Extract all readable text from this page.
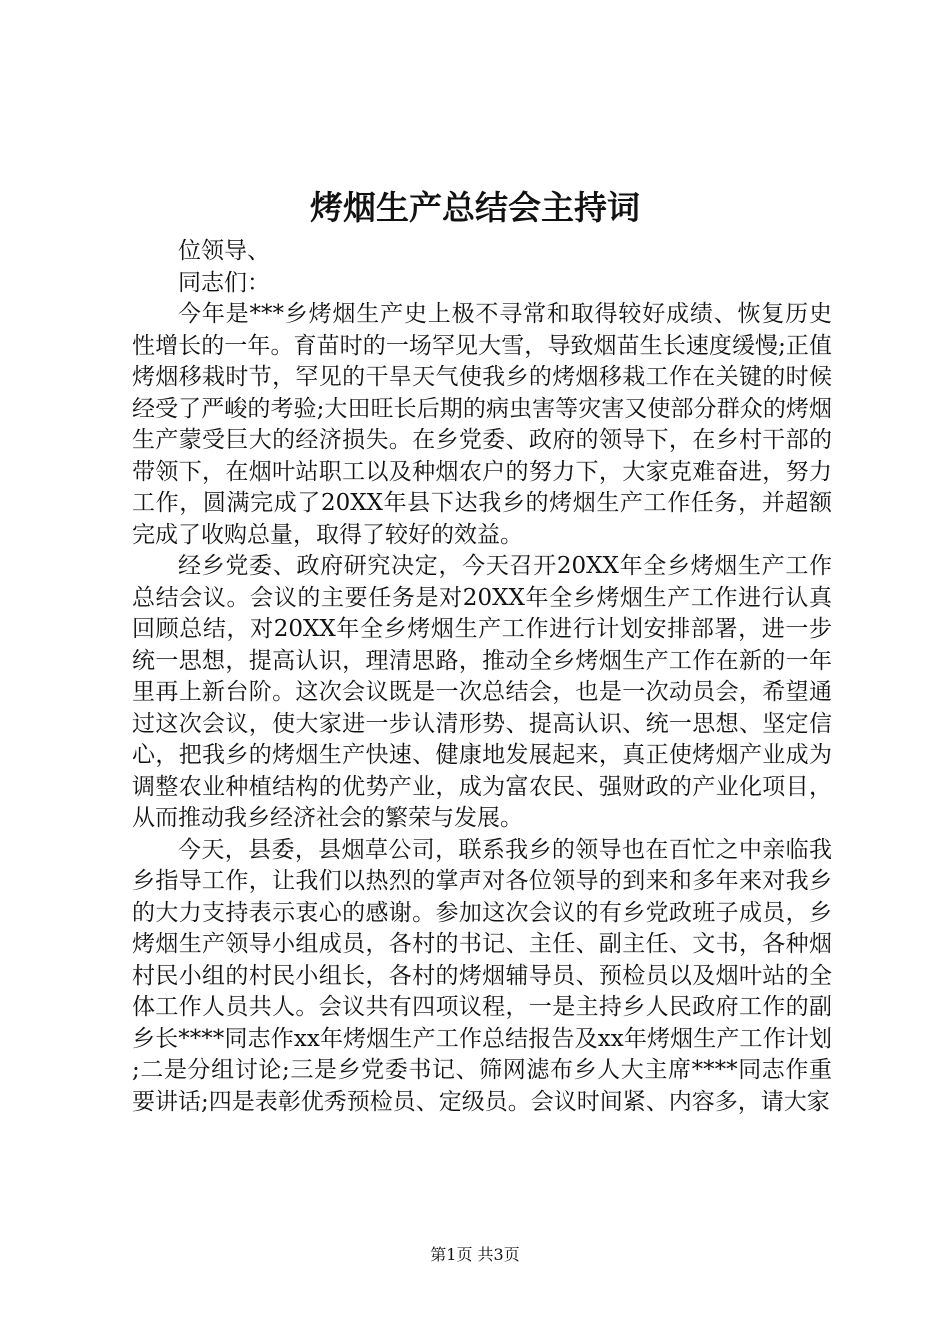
烤烟生产总结会主持词

位领导、

同志们：

今年是***乡烤烟生产史上极不寻常和取得较好成绩、恢复历史性增长的一年。育苗时的一场罕见大雪，导致烟苗生长速度缓慢;正值烤烟移栽时节，罕见的干旱天气使我乡的烤烟移栽工作在关键的时候经受了严峻的考验;大田旺长后期的病虫害等灾害又使部分群众的烤烟生产蒙受巨大的经济损失。在乡党委、政府的领导下，在乡村干部的带领下，在烟叶站职工以及种烟农户的努力下，大家克难奋进，努力工作，圆满完成了20XX年县下达我乡的烤烟生产工作任务，并超额完成了收购总量，取得了较好的效益。

经乡党委、政府研究决定，今天召开20XX年全乡烤烟生产工作总结会议。会议的主要任务是对20XX年全乡烤烟生产工作进行认真回顾总结，对20XX年全乡烤烟生产工作进行计划安排部署，进一步统一思想，提高认识，理清思路，推动全乡烤烟生产工作在新的一年里再上新台阶。这次会议既是一次总结会，也是一次动员会，希望通过这次会议，使大家进一步认清形势、提高认识、统一思想、坚定信心，把我乡的烤烟生产快速、健康地发展起来，真正使烤烟产业成为调整农业种植结构的优势产业，成为富农民、强财政的产业化项目，从而推动我乡经济社会的繁荣与发展。

今天，县委，县烟草公司，联系我乡的领导也在百忙之中亲临我乡指导工作，让我们以热烈的掌声对各位领导的到来和多年来对我乡的大力支持表示衷心的感谢。参加这次会议的有乡党政班子成员，乡烤烟生产领导小组成员，各村的书记、主任、副主任、文书，各种烟村民小组的村民小组长，各村的烤烟辅导员、预检员以及烟叶站的全体工作人员共人。会议共有四项议程，一是主持乡人民政府工作的副乡长****同志作xx年烤烟生产工作总结报告及xx年烤烟生产工作计划;二是分组讨论;三是乡党委书记、筛网滤布乡人大主席****同志作重要讲话;四是表彰优秀预检员、定级员。会议时间紧、内容多，请大家

第1页 共3页
